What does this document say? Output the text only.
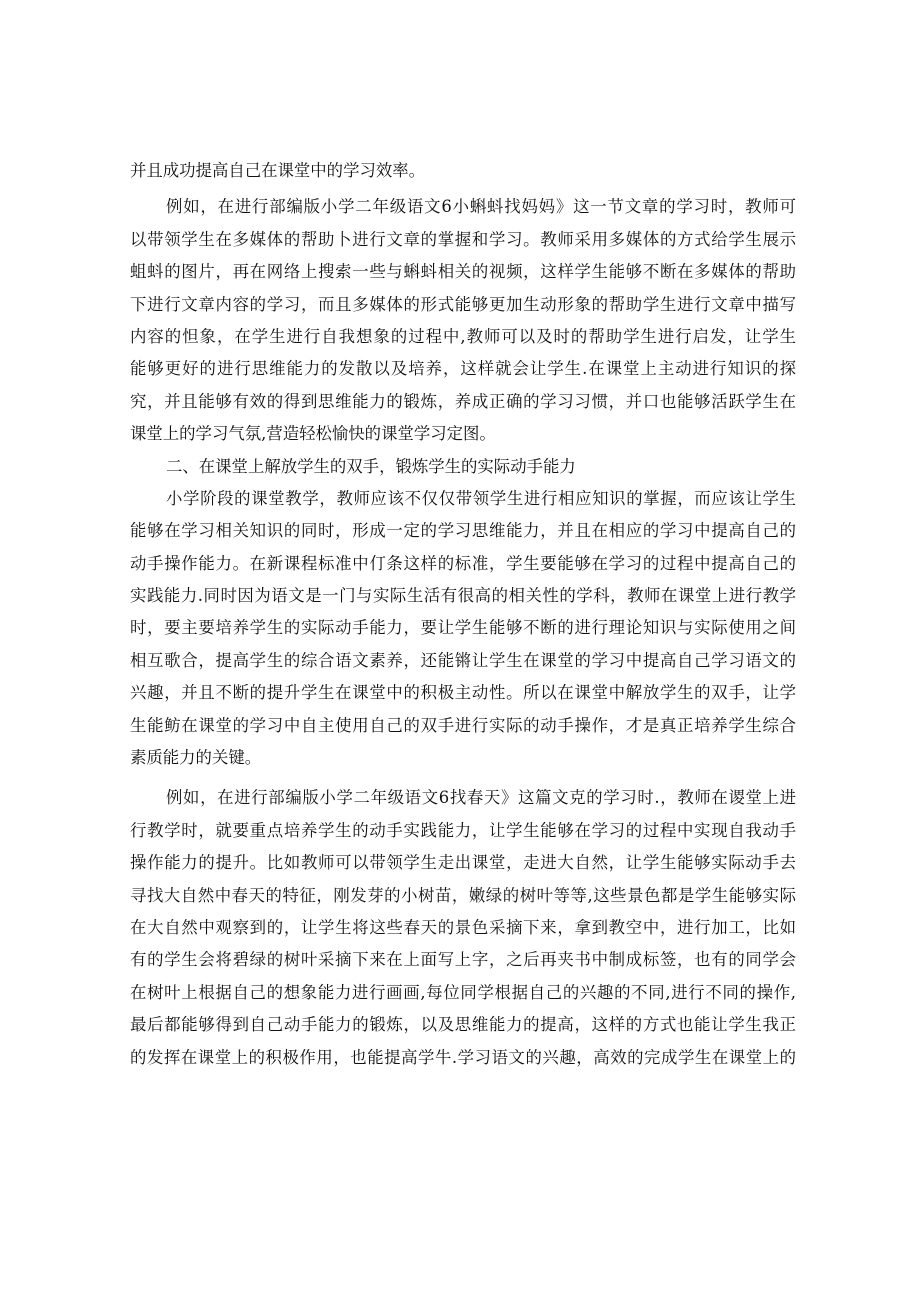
并且成功提高自己在课堂中的学习效率。
例如，在进行部编版小学二年级语文6小蝌蚪找妈妈》这一节文章的学习时，教师可
以带领学生在多媒体的帮助卜进行文章的掌握和学习。教师采用多媒体的方式给学生展示
蛆蚪的图片，再在网络上搜索一些与蝌蚪相关的视频，这样学生能够不断在多媒体的帮助
下进行文章内容的学习，而且多媒体的形式能够更加生动形象的帮助学生进行文章中描写
内容的怛象，在学生进行自我想象的过程中,教师可以及时的帮助学生进行启发，让学生
能够更好的进行思维能力的发散以及培养，这样就会让学生.在课堂上主动进行知识的探
究，并且能够有效的得到思维能力的锻炼，养成正确的学习习惯，并口也能够活跃学生在
课堂上的学习气氛,营造轻松愉快的课堂学习定图。
二、在课堂上解放学生的双手，锻炼学生的实际动手能力
小学阶段的课堂教学，教师应该不仅仅带领学生进行相应知识的掌握，而应该让学生
能够在学习相关知识的同时，形成一定的学习思维能力，并且在相应的学习中提高自己的
动手操作能力。在新课程标准中仃条这样的标准，学生要能够在学习的过程中提高自己的
实践能力.同时因为语文是一门与实际生活有很高的相关性的学科，教师在课堂上进行教学
时，要主要培养学生的实际动手能力，要让学生能够不断的进行理论知识与实际使用之间
相互歌合，提高学生的综合语文素养，还能锵让学生在课堂的学习中提高自己学习语文的
兴趣，并且不断的提升学生在课堂中的积极主动性。所以在课堂中解放学生的双手，让学
生能鲂在课堂的学习中自主使用自己的双手进行实际的动手操作，才是真正培养学生综合
素质能力的关键。
例如，在进行部编版小学二年级语文6找春天》这篇文克的学习时.，教师在谡堂上进
行教学时，就要重点培养学生的动手实践能力，让学生能够在学习的过程中实现自我动手
操作能力的提升。比如教师可以带领学生走出课堂，走进大自然，让学生能够实际动手去
寻找大自然中春天的特征，刚发芽的小树苗，嫩绿的树叶等等,这些景色都是学生能够实际
在大自然中观察到的，让学生将这些春天的景色采摘下来，拿到教空中，进行加工，比如
有的学生会将碧绿的树叶采摘下来在上面写上字，之后再夹书中制成标签，也有的同学会
在树叶上根据自己的想象能力进行画画,每位同学根据自己的兴趣的不同,进行不同的操作,
最后都能够得到自己动手能力的锻炼，以及思维能力的提高，这样的方式也能让学生我正
的发挥在课堂上的积极作用，也能提高学牛.学习语文的兴趣，高效的完成学生在课堂上的
